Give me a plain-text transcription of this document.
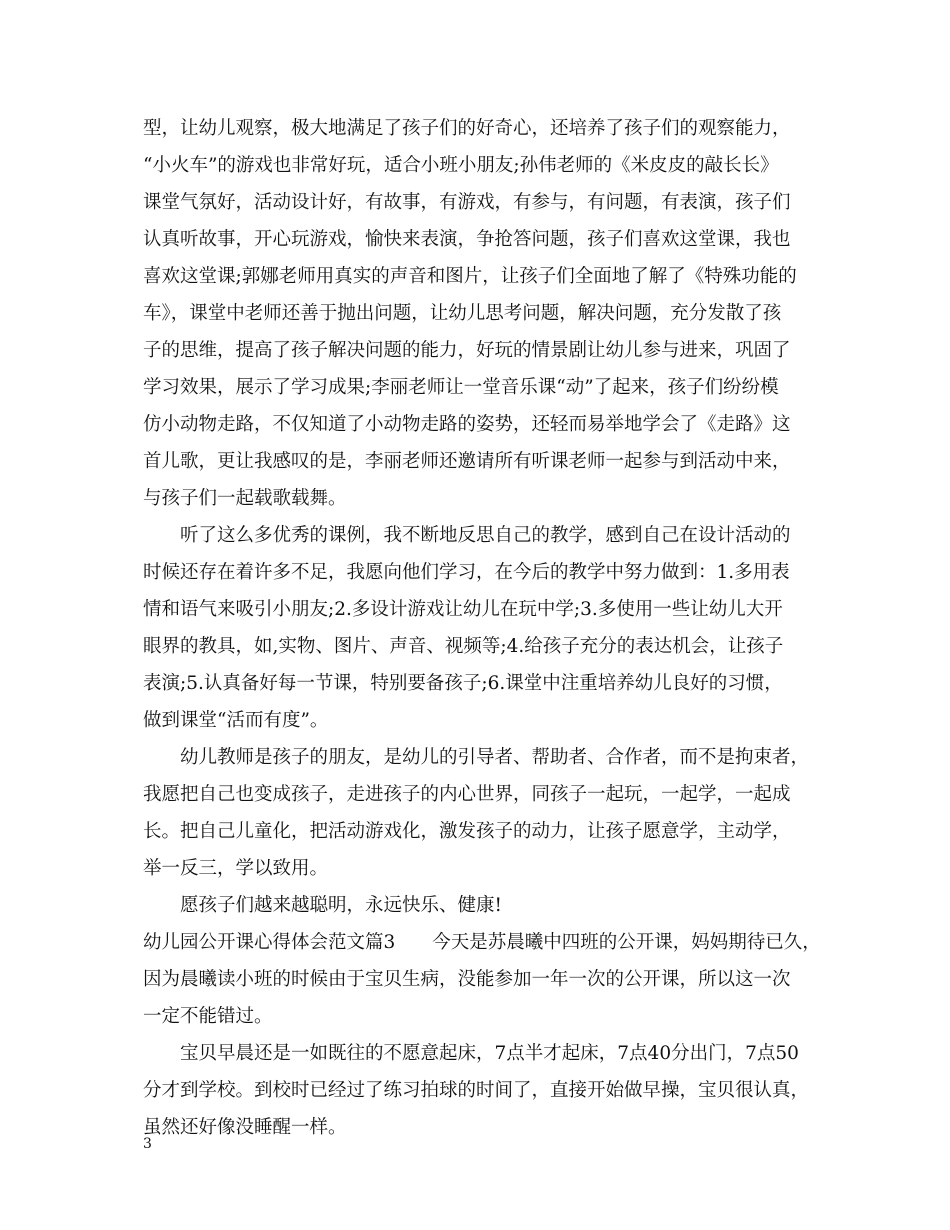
型，让幼儿观察，极大地满足了孩子们的好奇心，还培养了孩子们的观察能力，
“小火车”的游戏也非常好玩，适合小班小朋友;孙伟老师的《米皮皮的敲长长》
课堂气氛好，活动设计好，有故事，有游戏，有参与，有问题，有表演，孩子们
认真听故事，开心玩游戏，愉快来表演，争抢答问题，孩子们喜欢这堂课，我也
喜欢这堂课;郭娜老师用真实的声音和图片，让孩子们全面地了解了《特殊功能的
车》，课堂中老师还善于抛出问题，让幼儿思考问题，解决问题，充分发散了孩
子的思维，提高了孩子解决问题的能力，好玩的情景剧让幼儿参与进来，巩固了
学习效果，展示了学习成果;李丽老师让一堂音乐课“动”了起来，孩子们纷纷模
仿小动物走路，不仅知道了小动物走路的姿势，还轻而易举地学会了《走路》这
首儿歌，更让我感叹的是，李丽老师还邀请所有听课老师一起参与到活动中来，
与孩子们一起载歌载舞。
　　听了这么多优秀的课例，我不断地反思自己的教学，感到自己在设计活动的
时候还存在着许多不足，我愿向他们学习，在今后的教学中努力做到：1.多用表
情和语气来吸引小朋友;2.多设计游戏让幼儿在玩中学;3.多使用一些让幼儿大开
眼界的教具，如,实物、图片、声音、视频等;4.给孩子充分的表达机会，让孩子
表演;5.认真备好每一节课，特别要备孩子;6.课堂中注重培养幼儿良好的习惯，
做到课堂“活而有度”。
　　幼儿教师是孩子的朋友，是幼儿的引导者、帮助者、合作者，而不是拘束者，
我愿把自己也变成孩子，走进孩子的内心世界，同孩子一起玩，一起学，一起成
长。把自己儿童化，把活动游戏化，激发孩子的动力，让孩子愿意学，主动学，
举一反三，学以致用。
　　愿孩子们越来越聪明，永远快乐、健康!
幼儿园公开课心得体会范文篇3　　今天是苏晨曦中四班的公开课，妈妈期待已久，
因为晨曦读小班的时候由于宝贝生病，没能参加一年一次的公开课，所以这一次
一定不能错过。
　　宝贝早晨还是一如既往的不愿意起床，7点半才起床，7点40分出门，7点50
分才到学校。到校时已经过了练习拍球的时间了，直接开始做早操，宝贝很认真，
虽然还好像没睡醒一样。
3
